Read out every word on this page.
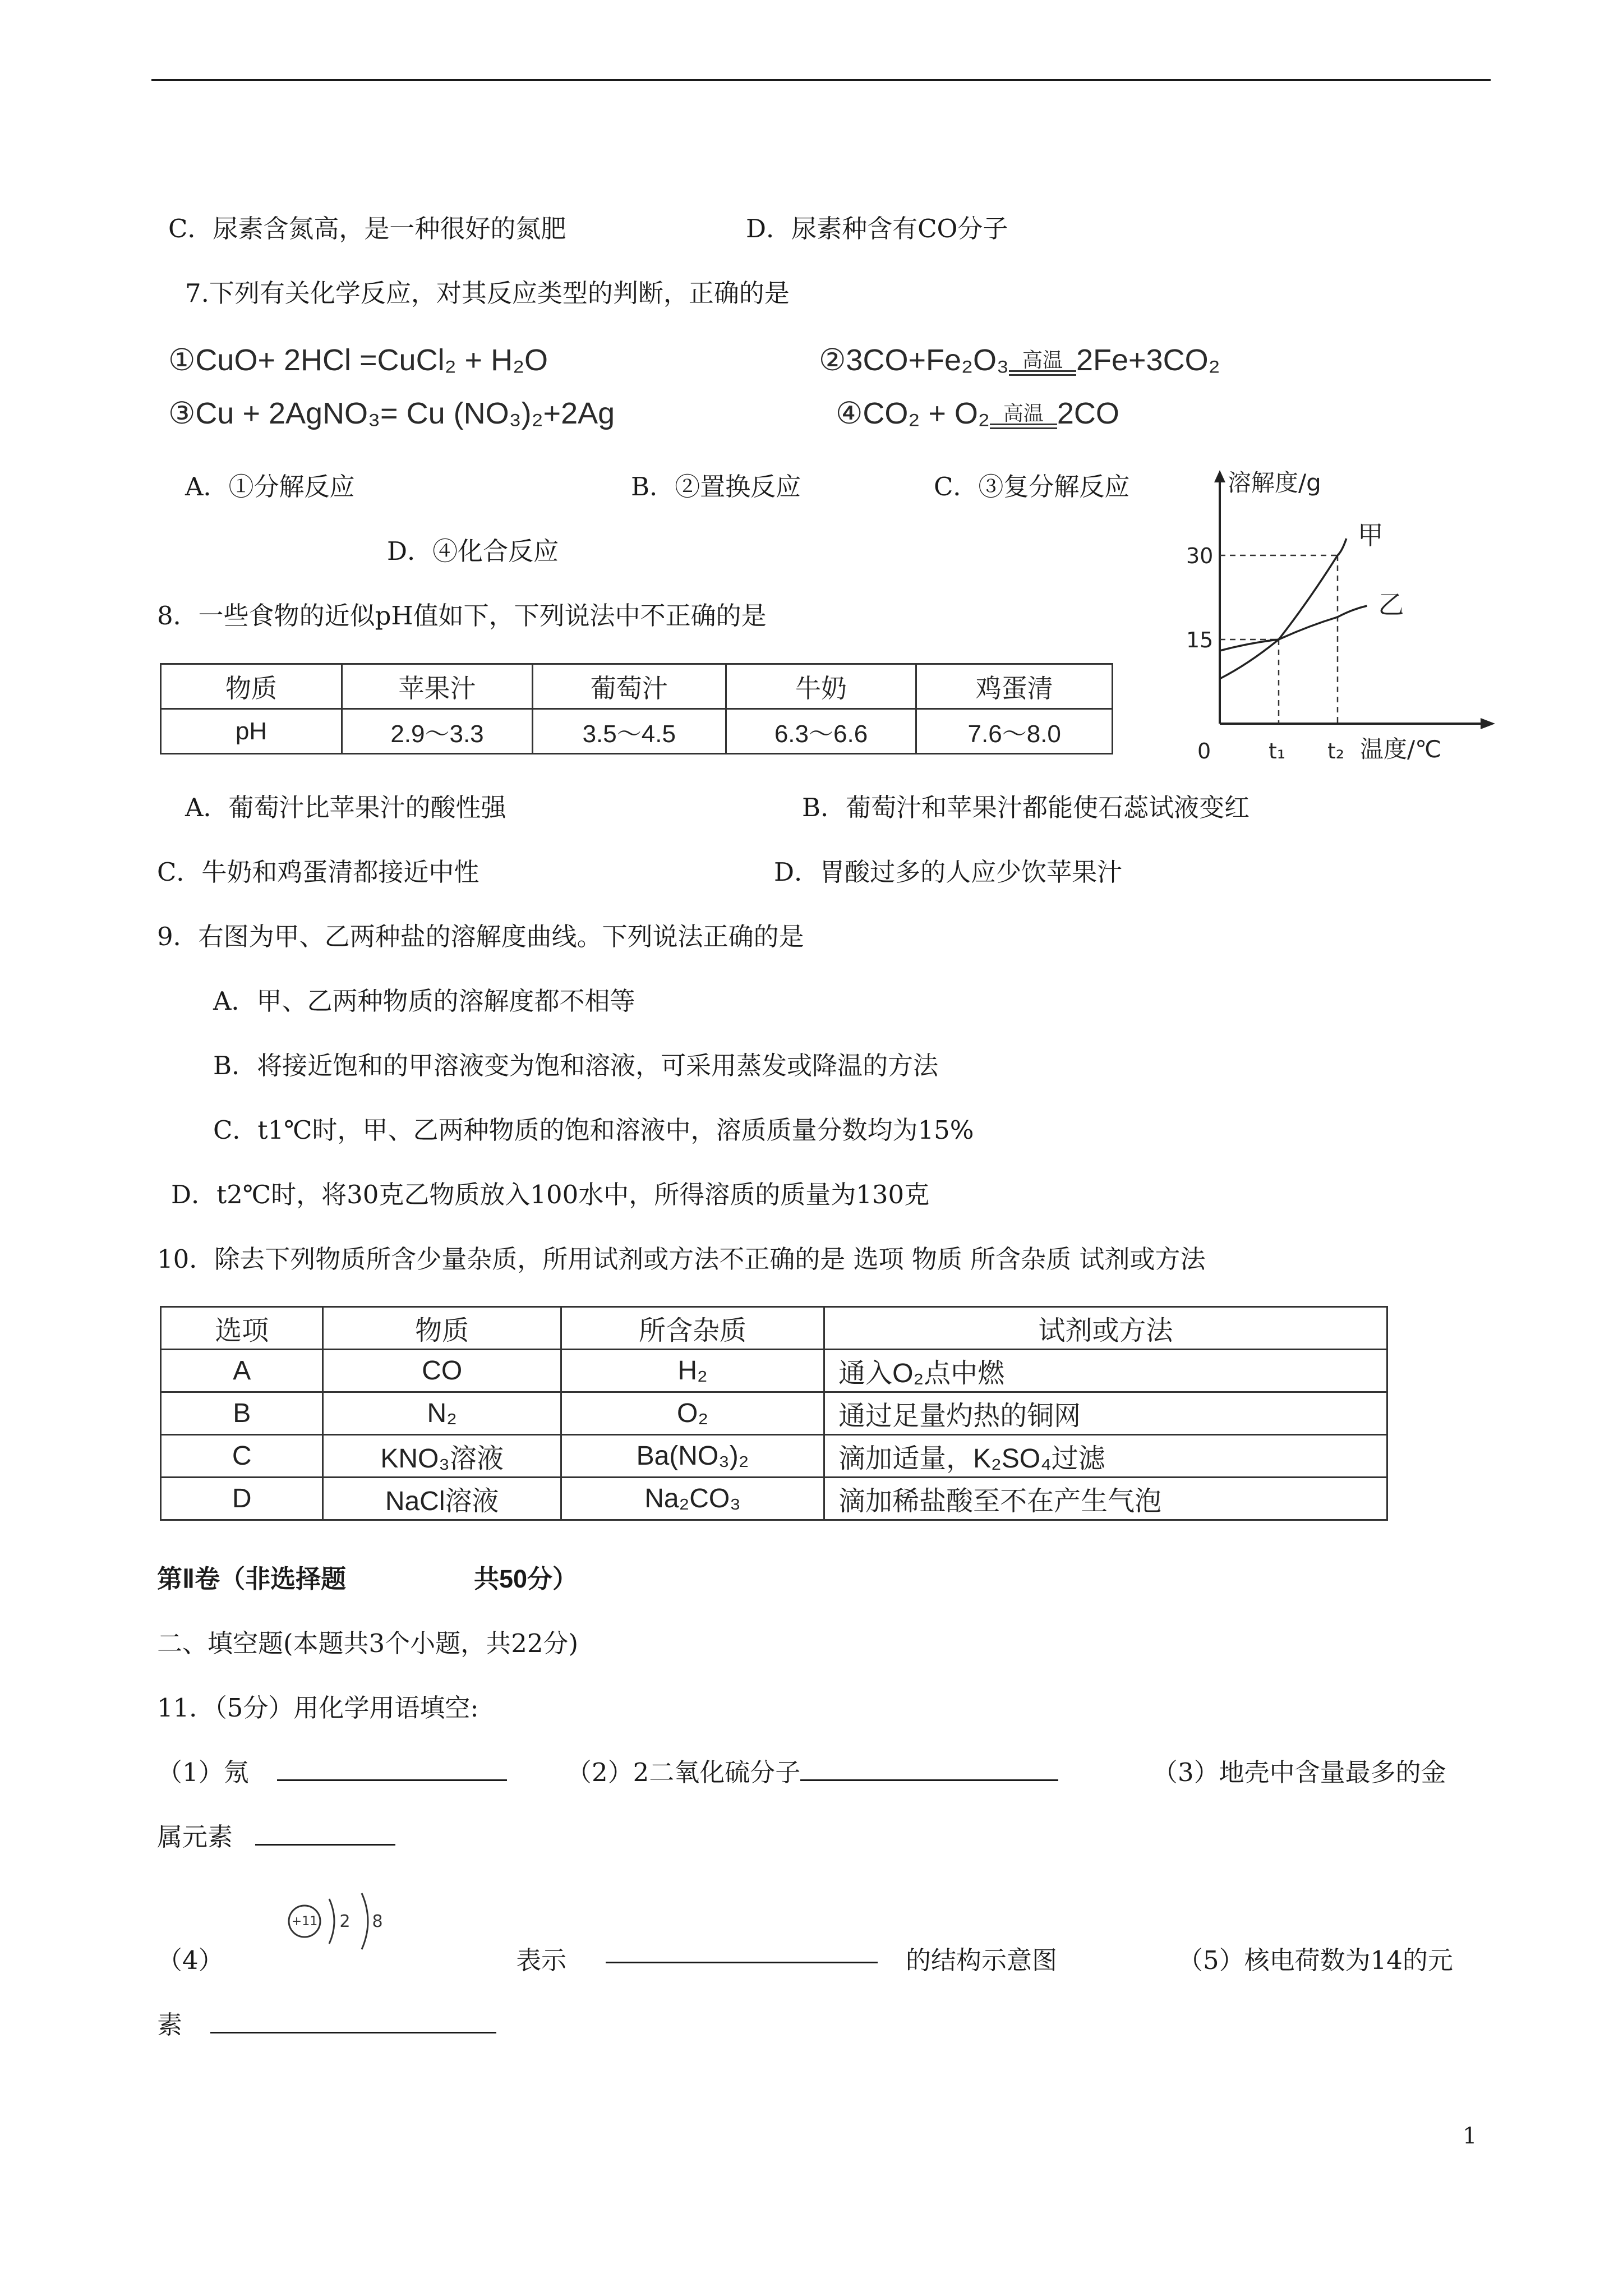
C．尿素含氮高，是一种很好的氮肥	D．尿素种含有CO分子
7.下列有关化学反应，对其反应类型的判断，正确的是
①CuO+ 2HCl =CuCl₂ + H₂O	②3CO+Fe₂O₃ 高温 2Fe+3CO₂
③Cu + 2AgNO₃= Cu (NO₃)₂+2Ag	④CO₂ + O₂ 高温 2CO
A．①分解反应	B．②置换反应	C．③复分解反应
D．④化合反应
溶解度/g
温度/℃
0
15
30
t₁ t₂
甲
乙
8．一些食物的近似pH值如下，下列说法中不正确的是
物质	苹果汁	葡萄汁	牛奶	鸡蛋清
pH	2.9～3.3	3.5～4.5	6.3～6.6	7.6～8.0
A．葡萄汁比苹果汁的酸性强	B．葡萄汁和苹果汁都能使石蕊试液变红
C．牛奶和鸡蛋清都接近中性	D．胃酸过多的人应少饮苹果汁
9．右图为甲、乙两种盐的溶解度曲线。下列说法正确的是
A．甲、乙两种物质的溶解度都不相等
B．将接近饱和的甲溶液变为饱和溶液，可采用蒸发或降温的方法
C．t1℃时，甲、乙两种物质的饱和溶液中，溶质质量分数均为15%
D．t2℃时，将30克乙物质放入100水中，所得溶质的质量为130克
10．除去下列物质所含少量杂质，所用试剂或方法不正确的是 选项 物质 所含杂质 试剂或方法
选项	物质	所含杂质	试剂或方法
A	CO	H₂	通入O₂点中燃
B	N₂	O₂	通过足量灼热的铜网
C	KNO₃溶液	Ba(NO₃)₂	滴加适量，K₂SO₄过滤
D	NaCl溶液	Na₂CO₃	滴加稀盐酸至不在产生气泡
第Ⅱ卷（非选择题	共50分）
二、填空题(本题共3个小题，共22分)
11．（5分）用化学用语填空:
（1）氖	（2）2二氧化硫分子	（3）地壳中含量最多的金
属元素
（4）
+11 2 8
表示	的结构示意图	（5）核电荷数为14的元
素
1
